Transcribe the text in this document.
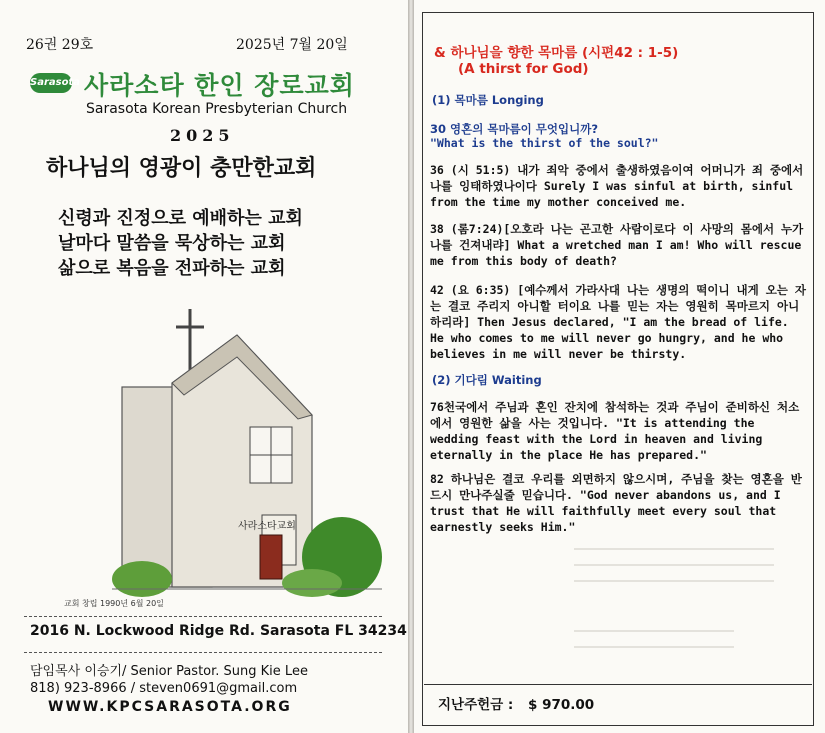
26권 29호	2025년 7월 20일
Sarasota 사라소타 한인 장로교회
Sarasota Korean Presbyterian Church
2025
하나님의 영광이 충만한교회
신령과 진정으로 예배하는 교회
날마다 말씀을 묵상하는 교회
삶으로 복음을 전파하는 교회
사라소타교회
교회 창립 1990년 6월 20일
2016 N. Lockwood Ridge Rd. Sarasota FL 34234
담임목사 이승기/ Senior Pastor. Sung Kie Lee
818) 923-8966 / steven0691@gmail.com
WWW.KPCSARASOTA.ORG
& 하나님을 향한 목마름 (시편42 : 1-5)
(A thirst for God)
(1) 목마름 Longing
30 영혼의 목마름이 무엇입니까?
"What is the thirst of the soul?"

36 (시 51:5) 내가 죄악 중에서 출생하였음이여 어머니가 죄 중에서 나를 잉태하였나이다 Surely I was sinful at birth, sinful from the time my mother conceived me.

38 (롬7:24)[오호라 나는 곤고한 사람이로다 이 사망의 몸에서 누가 나를 건져내랴] What a wretched man I am! Who will rescue me from this body of death?

42 (요 6:35) [예수께서 가라사대 나는 생명의 떡이니 내게 오는 자는 결코 주리지 아니할 터이요 나를 믿는 자는 영원히 목마르지 아니하리라] Then Jesus declared, "I am the bread of life. He who comes to me will never go hungry, and he who believes in me will never be thirsty.

(2) 기다림 Waiting

76천국에서 주님과 혼인 잔치에 참석하는 것과 주님이 준비하신 처소에서 영원한 삶을 사는 것입니다. "It is attending the wedding feast with the Lord in heaven and living eternally in the place He has prepared."

82 하나님은 결코 우리를 외면하지 않으시며, 주님을 찾는 영혼을 반드시 만나주실줄 믿습니다. "God never abandons us, and I trust that He will faithfully meet every soul that earnestly seeks Him."

지난주헌금 : $ 970.00
